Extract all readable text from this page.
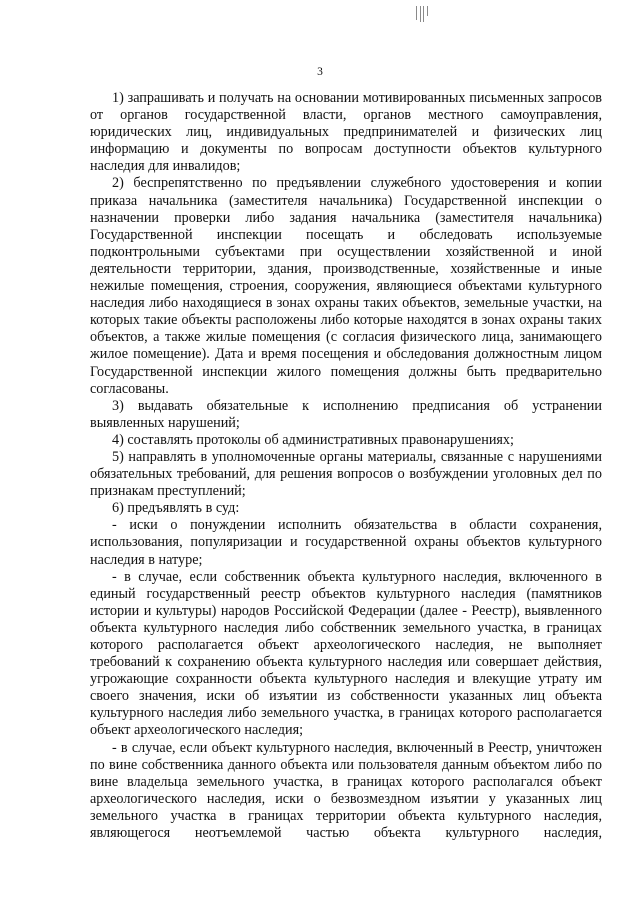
3

1) запрашивать и получать на основании мотивированных письменных запросов от органов государственной власти, органов местного самоуправления, юридических лиц, индивидуальных предпринимателей и физических лиц информацию и документы по вопросам доступности объектов культурного наследия для инвалидов;

2) беспрепятственно по предъявлении служебного удостоверения и копии приказа начальника (заместителя начальника) Государственной инспекции о назначении проверки либо задания начальника (заместителя начальника) Государственной инспекции посещать и обследовать используемые подконтрольными субъектами при осуществлении хозяйственной и иной деятельности территории, здания, производственные, хозяйственные и иные нежилые помещения, строения, сооружения, являющиеся объектами культурного наследия либо находящиеся в зонах охраны таких объектов, земельные участки, на которых такие объекты расположены либо которые находятся в зонах охраны таких объектов, а также жилые помещения (с согласия физического лица, занимающего жилое помещение). Дата и время посещения и обследования должностным лицом Государственной инспекции жилого помещения должны быть предварительно согласованы.

3) выдавать обязательные к исполнению предписания об устранении выявленных нарушений;

4) составлять протоколы об административных правонарушениях;

5) направлять в уполномоченные органы материалы, связанные с нарушениями обязательных требований, для решения вопросов о возбуждении уголовных дел по признакам преступлений;

6) предъявлять в суд:

- иски о понуждении исполнить обязательства в области сохранения, использования, популяризации и государственной охраны объектов культурного наследия в натуре;

- в случае, если собственник объекта культурного наследия, включенного в единый государственный реестр объектов культурного наследия (памятников истории и культуры) народов Российской Федерации (далее - Реестр), выявленного объекта культурного наследия либо собственник земельного участка, в границах которого располагается объект археологического наследия, не выполняет требований к сохранению объекта культурного наследия или совершает действия, угрожающие сохранности объекта культурного наследия и влекущие утрату им своего значения, иски об изъятии из собственности указанных лиц объекта культурного наследия либо земельного участка, в границах которого располагается объект археологического наследия;

- в случае, если объект культурного наследия, включенный в Реестр, уничтожен по вине собственника данного объекта или пользователя данным объектом либо по вине владельца земельного участка, в границах которого располагался объект археологического наследия, иски о безвозмездном изъятии у указанных лиц земельного участка в границах территории объекта культурного наследия, являющегося неотъемлемой частью объекта культурного наследия,
